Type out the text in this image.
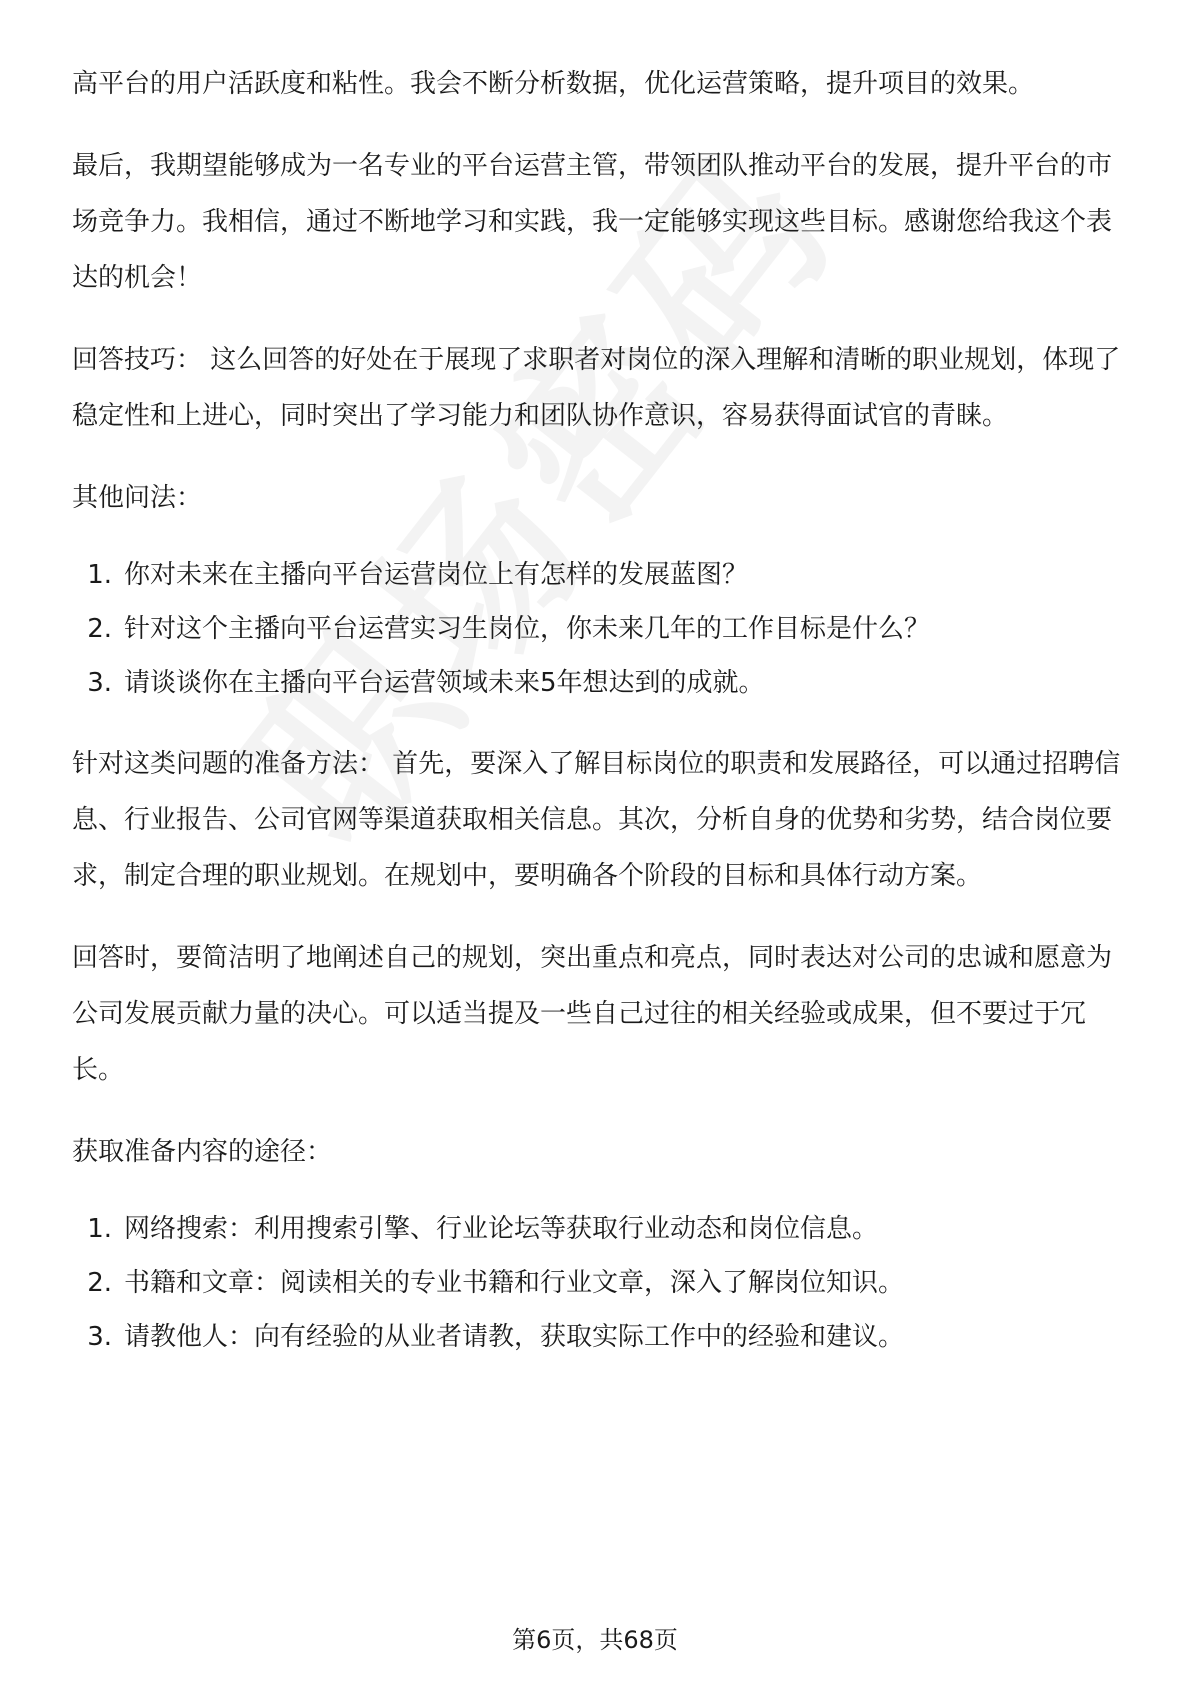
高平台的用户活跃度和粘性。我会不断分析数据，优化运营策略，提升项目的效果。

最后，我期望能够成为一名专业的平台运营主管，带领团队推动平台的发展，提升平台的市场竞争力。我相信，通过不断地学习和实践，我一定能够实现这些目标。感谢您给我这个表达的机会！

回答技巧： 这么回答的好处在于展现了求职者对岗位的深入理解和清晰的职业规划，体现了稳定性和上进心，同时突出了学习能力和团队协作意识，容易获得面试官的青睐。

其他问法：

1. 你对未来在主播向平台运营岗位上有怎样的发展蓝图？
2. 针对这个主播向平台运营实习生岗位，你未来几年的工作目标是什么？
3. 请谈谈你在主播向平台运营领域未来5年想达到的成就。

针对这类问题的准备方法： 首先，要深入了解目标岗位的职责和发展路径，可以通过招聘信息、行业报告、公司官网等渠道获取相关信息。其次，分析自身的优势和劣势，结合岗位要求，制定合理的职业规划。在规划中，要明确各个阶段的目标和具体行动方案。

回答时，要简洁明了地阐述自己的规划，突出重点和亮点，同时表达对公司的忠诚和愿意为公司发展贡献力量的决心。可以适当提及一些自己过往的相关经验或成果，但不要过于冗长。

获取准备内容的途径：

1. 网络搜索：利用搜索引擎、行业论坛等获取行业动态和岗位信息。
2. 书籍和文章：阅读相关的专业书籍和行业文章，深入了解岗位知识。
3. 请教他人：向有经验的从业者请教，获取实际工作中的经验和建议。
第6页，共68页
